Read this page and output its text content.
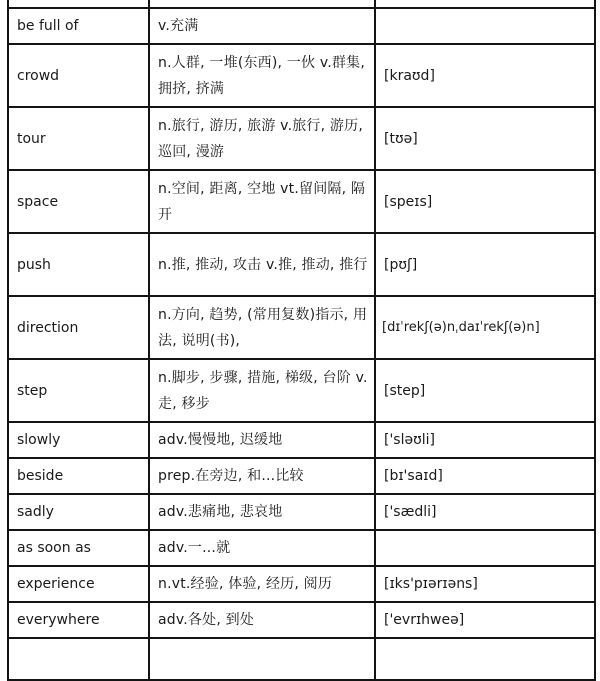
be full of	v.充满	
crowd	n.人群, 一堆(东西), 一伙 v.群集, 拥挤, 挤满	[kraʊd]
tour	n.旅行, 游历, 旅游 v.旅行, 游历, 巡回, 漫游	[tʊə]
space	n.空间, 距离, 空地 vt.留间隔, 隔开	[speɪs]
push	n.推, 推动, 攻击 v.推, 推动, 推行	[pʊʃ]
direction	n.方向, 趋势, (常用复数)指示, 用法, 说明(书),	[dɪˈrekʃ(ə)nˌdaɪˈrekʃ(ə)n]
step	n.脚步, 步骤, 措施, 梯级, 台阶 v.走, 移步	[step]
slowly	adv.慢慢地, 迟缓地	['sləʊli]
beside	prep.在旁边, 和...比较	[bɪ'saɪd]
sadly	adv.悲痛地, 悲哀地	['sædli]
as soon as	adv.一...就	
experience	n.vt.经验, 体验, 经历, 阅历	[ɪks'pɪərɪəns]
everywhere	adv.各处, 到处	['evrɪhweə]
